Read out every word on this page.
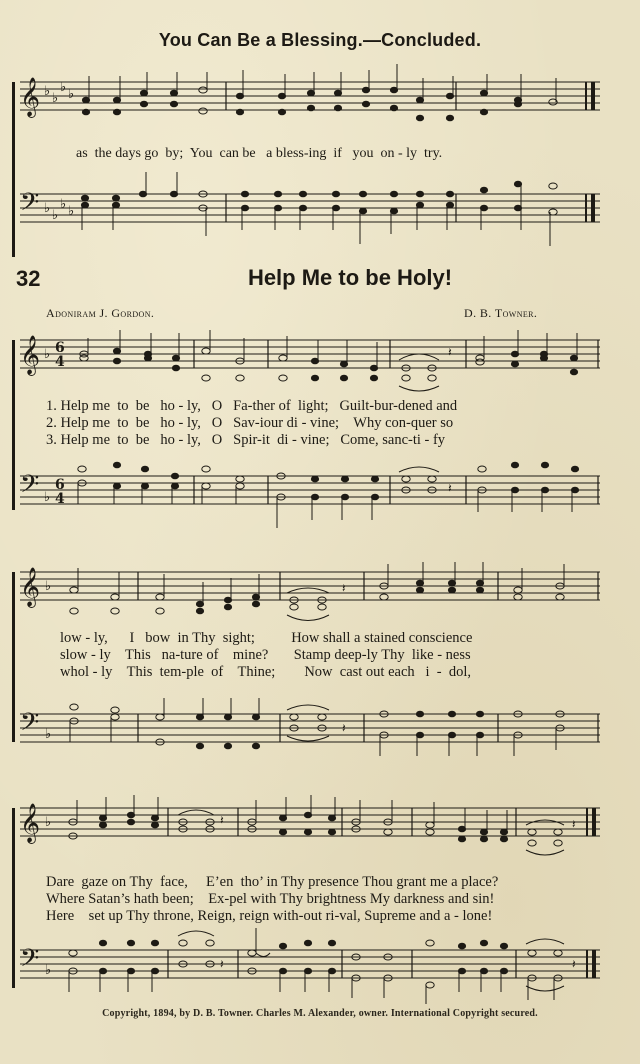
You Can Be a Blessing.—Concluded.
𝄞 ♭ ♭
♭ ♭
as  the days go  by;  You  can be   a bless-ing  if   you  on - ly  try.
𝄢 ♭ ♭
♭ ♭
32	Help Me to be Holy!
Adoniram J. Gordon.	D. B. Towner.
𝄞 ♭ 6
4
𝄽
1. Help me  to  be   ho - ly,   O   Fa-ther of  light;   Guilt-bur-dened and
2. Help me  to  be   ho - ly,   O   Sav-iour di - vine;    Why con-quer so
3. Help me  to  be   ho - ly,   O   Spir-it  di - vine;   Come, sanc-ti - fy
𝄢 ♭
6
4
𝄽
𝄞 ♭	𝄽
low - ly,      I   bow  in Thy  sight;          How shall a stained conscience
slow - ly    This   na-ture of    mine?       Stamp deep-ly Thy  like - ness
whol - ly    This  tem-ple  of    Thine;        Now  cast out each   i  -  dol,
𝄢 ♭	𝄽
𝄞 ♭	𝄽	𝄽
Dare  gaze on Thy  face,     E’en  tho’ in Thy presence Thou grant me a place?
Where Satan’s hath been;    Ex-pel with Thy brightness My darkness and sin!
Here    set up Thy throne, Reign, reign with-out ri-val, Supreme and a - lone!
𝄢 ♭	𝄽	𝄽
Copyright, 1894, by D. B. Towner. Charles M. Alexander, owner. International Copyright secured.
